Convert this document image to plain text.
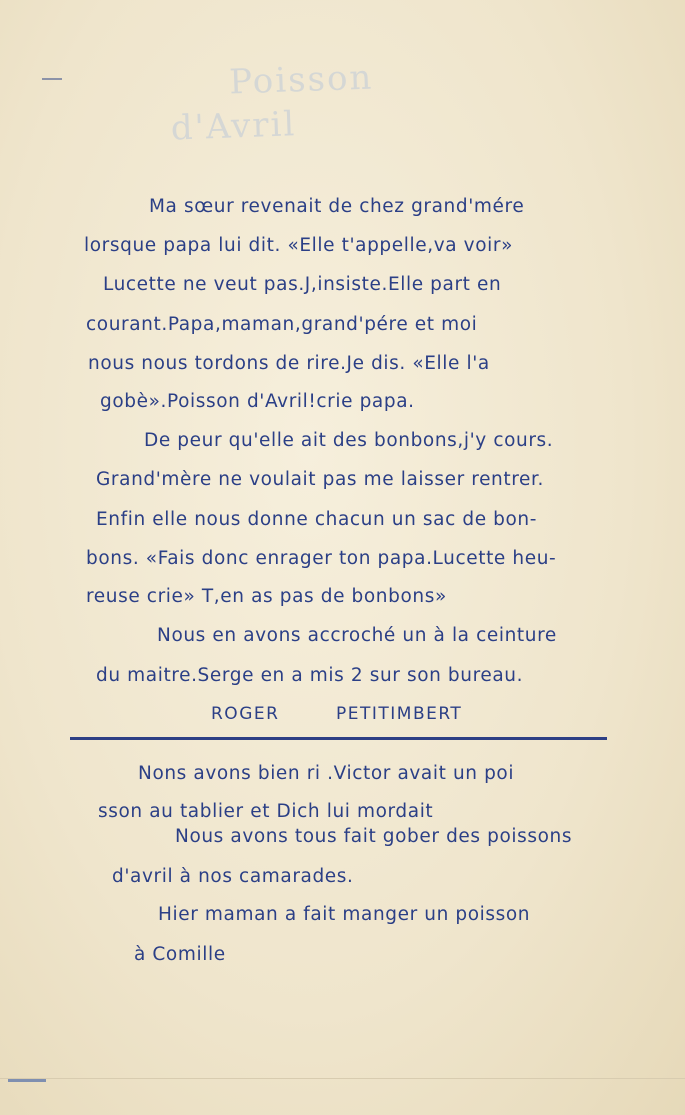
Poisson
d'Avril
Ma sœur revenait de chez grand'mére
lorsque papa lui dit. «Elle t'appelle,va voir»
Lucette ne veut pas.J,insiste.Elle part en
courant.Papa,maman,grand'pére et moi
nous nous tordons de rire.Je dis. «Elle l'a
gobè».Poisson d'Avril!crie papa.
De peur qu'elle ait des bonbons,j'y cours.
Grand'mère ne voulait pas me laisser rentrer.
Enfin elle nous donne chacun un sac de bon-
bons. «Fais donc enrager ton papa.Lucette heu-
reuse crie» T,en as pas de bonbons»
Nous en avons accroché un à la ceinture
du maitre.Serge en a mis 2 sur son bureau.
ROGER	PETITIMBERT
Nons avons bien ri .Victor avait un poi
sson au tablier et Dich lui mordait
Nous avons tous fait gober des poissons
d'avril à nos camarades.
Hier maman a fait manger un poisson
à Comille
